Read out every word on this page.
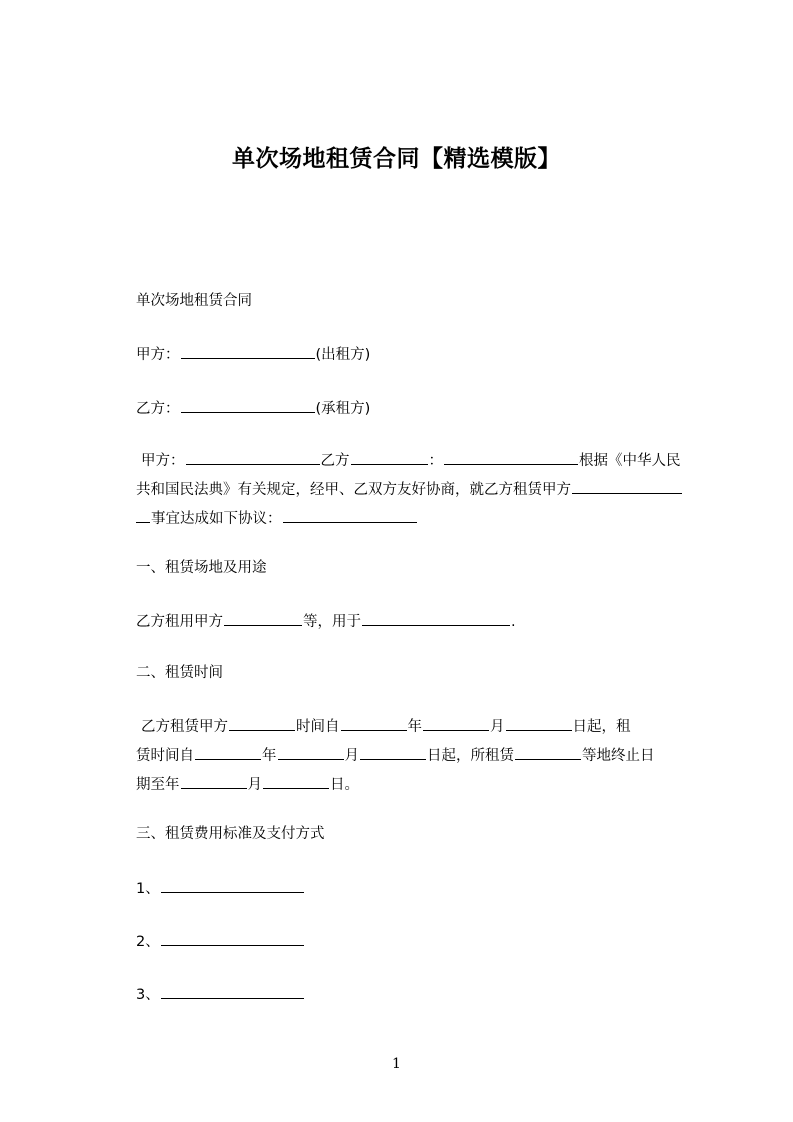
单次场地租赁合同【精选模版】
单次场地租赁合同
甲方：	(出租方)
乙方：	(承租方)
甲方：	乙方	：	根据《中华人民
共和国民法典》有关规定，经甲、乙双方友好协商，就乙方租赁甲方
事宜达成如下协议：
一、租赁场地及用途
乙方租用甲方	等，用于	.
二、租赁时间
乙方租赁甲方	时间自	年	月	日起，租
赁时间自	年	月	日起，所租赁	等地终止日
期至年	月	日。
三、租赁费用标准及支付方式
1、
2、
3、
1
